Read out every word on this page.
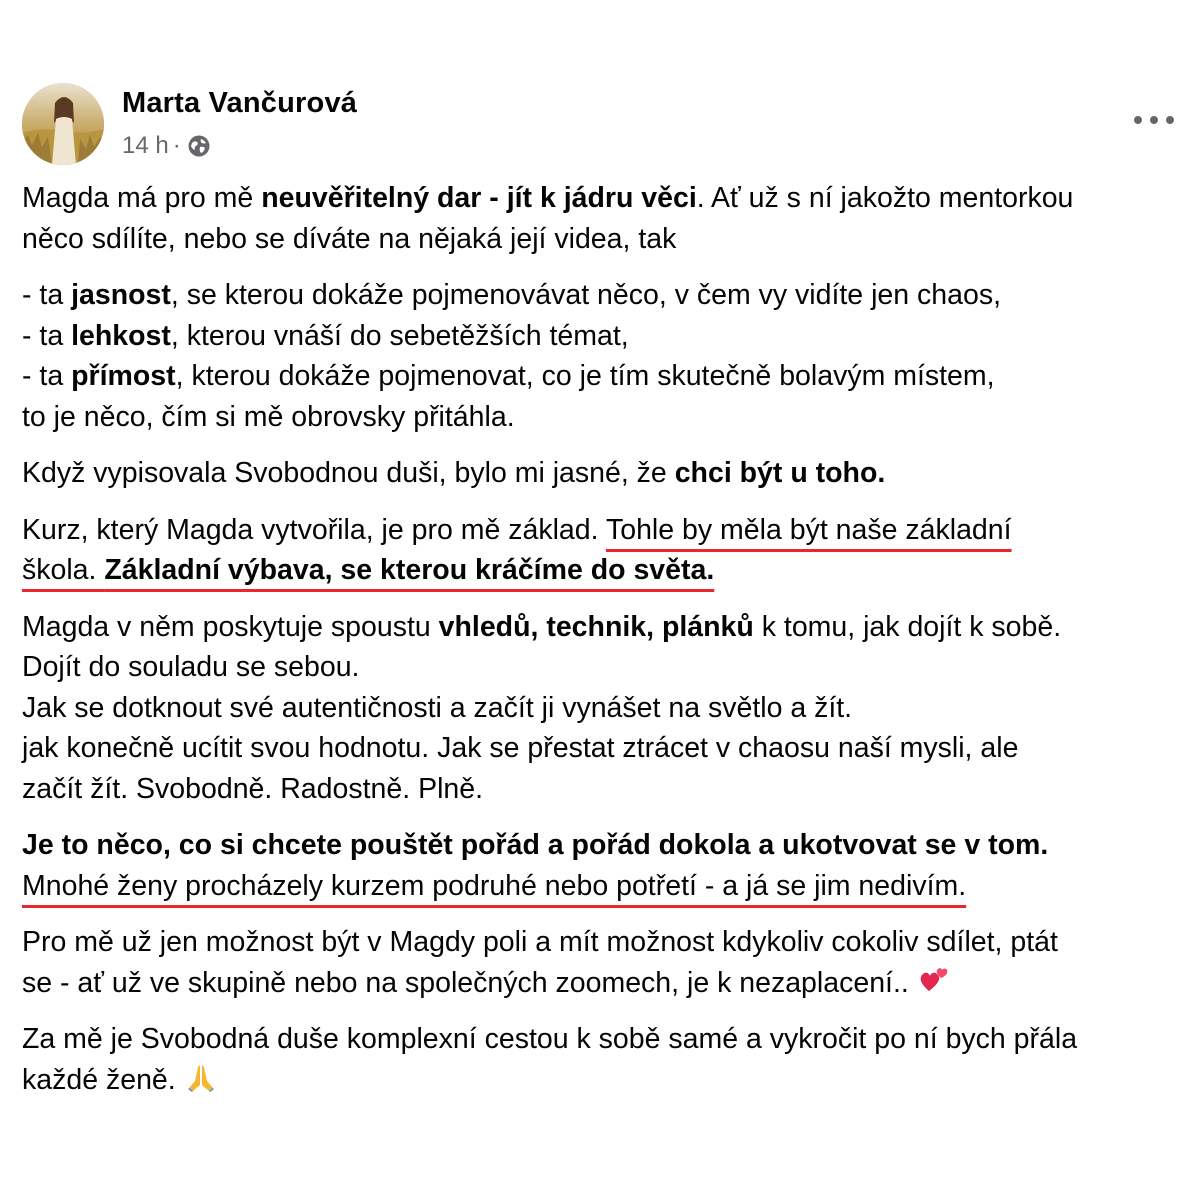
Marta Vančurová
14 h ·

Magda má pro mě neuvěřitelný dar - jít k jádru věci. Ať už s ní jakožto mentorkou
něco sdílíte, nebo se díváte na nějaká její videa, tak

- ta jasnost, se kterou dokáže pojmenovávat něco, v čem vy vidíte jen chaos,
- ta lehkost, kterou vnáší do sebetěžších témat,
- ta přímost, kterou dokáže pojmenovat, co je tím skutečně bolavým místem,
to je něco, čím si mě obrovsky přitáhla.

Když vypisovala Svobodnou duši, bylo mi jasné, že chci být u toho.

Kurz, který Magda vytvořila, je pro mě základ. Tohle by měla být naše základní
škola. Základní výbava, se kterou kráčíme do světa.

Magda v něm poskytuje spoustu vhledů, technik, plánků k tomu, jak dojít k sobě.
Dojít do souladu se sebou.
Jak se dotknout své autentičnosti a začít ji vynášet na světlo a žít.
jak konečně ucítit svou hodnotu. Jak se přestat ztrácet v chaosu naší mysli, ale
začít žít. Svobodně. Radostně. Plně.

Je to něco, co si chcete pouštět pořád a pořád dokola a ukotvovat se v tom.
Mnohé ženy procházely kurzem podruhé nebo potřetí - a já se jim nedivím.

Pro mě už jen možnost být v Magdy poli a mít možnost kdykoliv cokoliv sdílet, ptát
se - ať už ve skupině nebo na společných zoomech, je k nezaplacení..

Za mě je Svobodná duše komplexní cestou k sobě samé a vykročit po ní bych přála
každé ženě.
